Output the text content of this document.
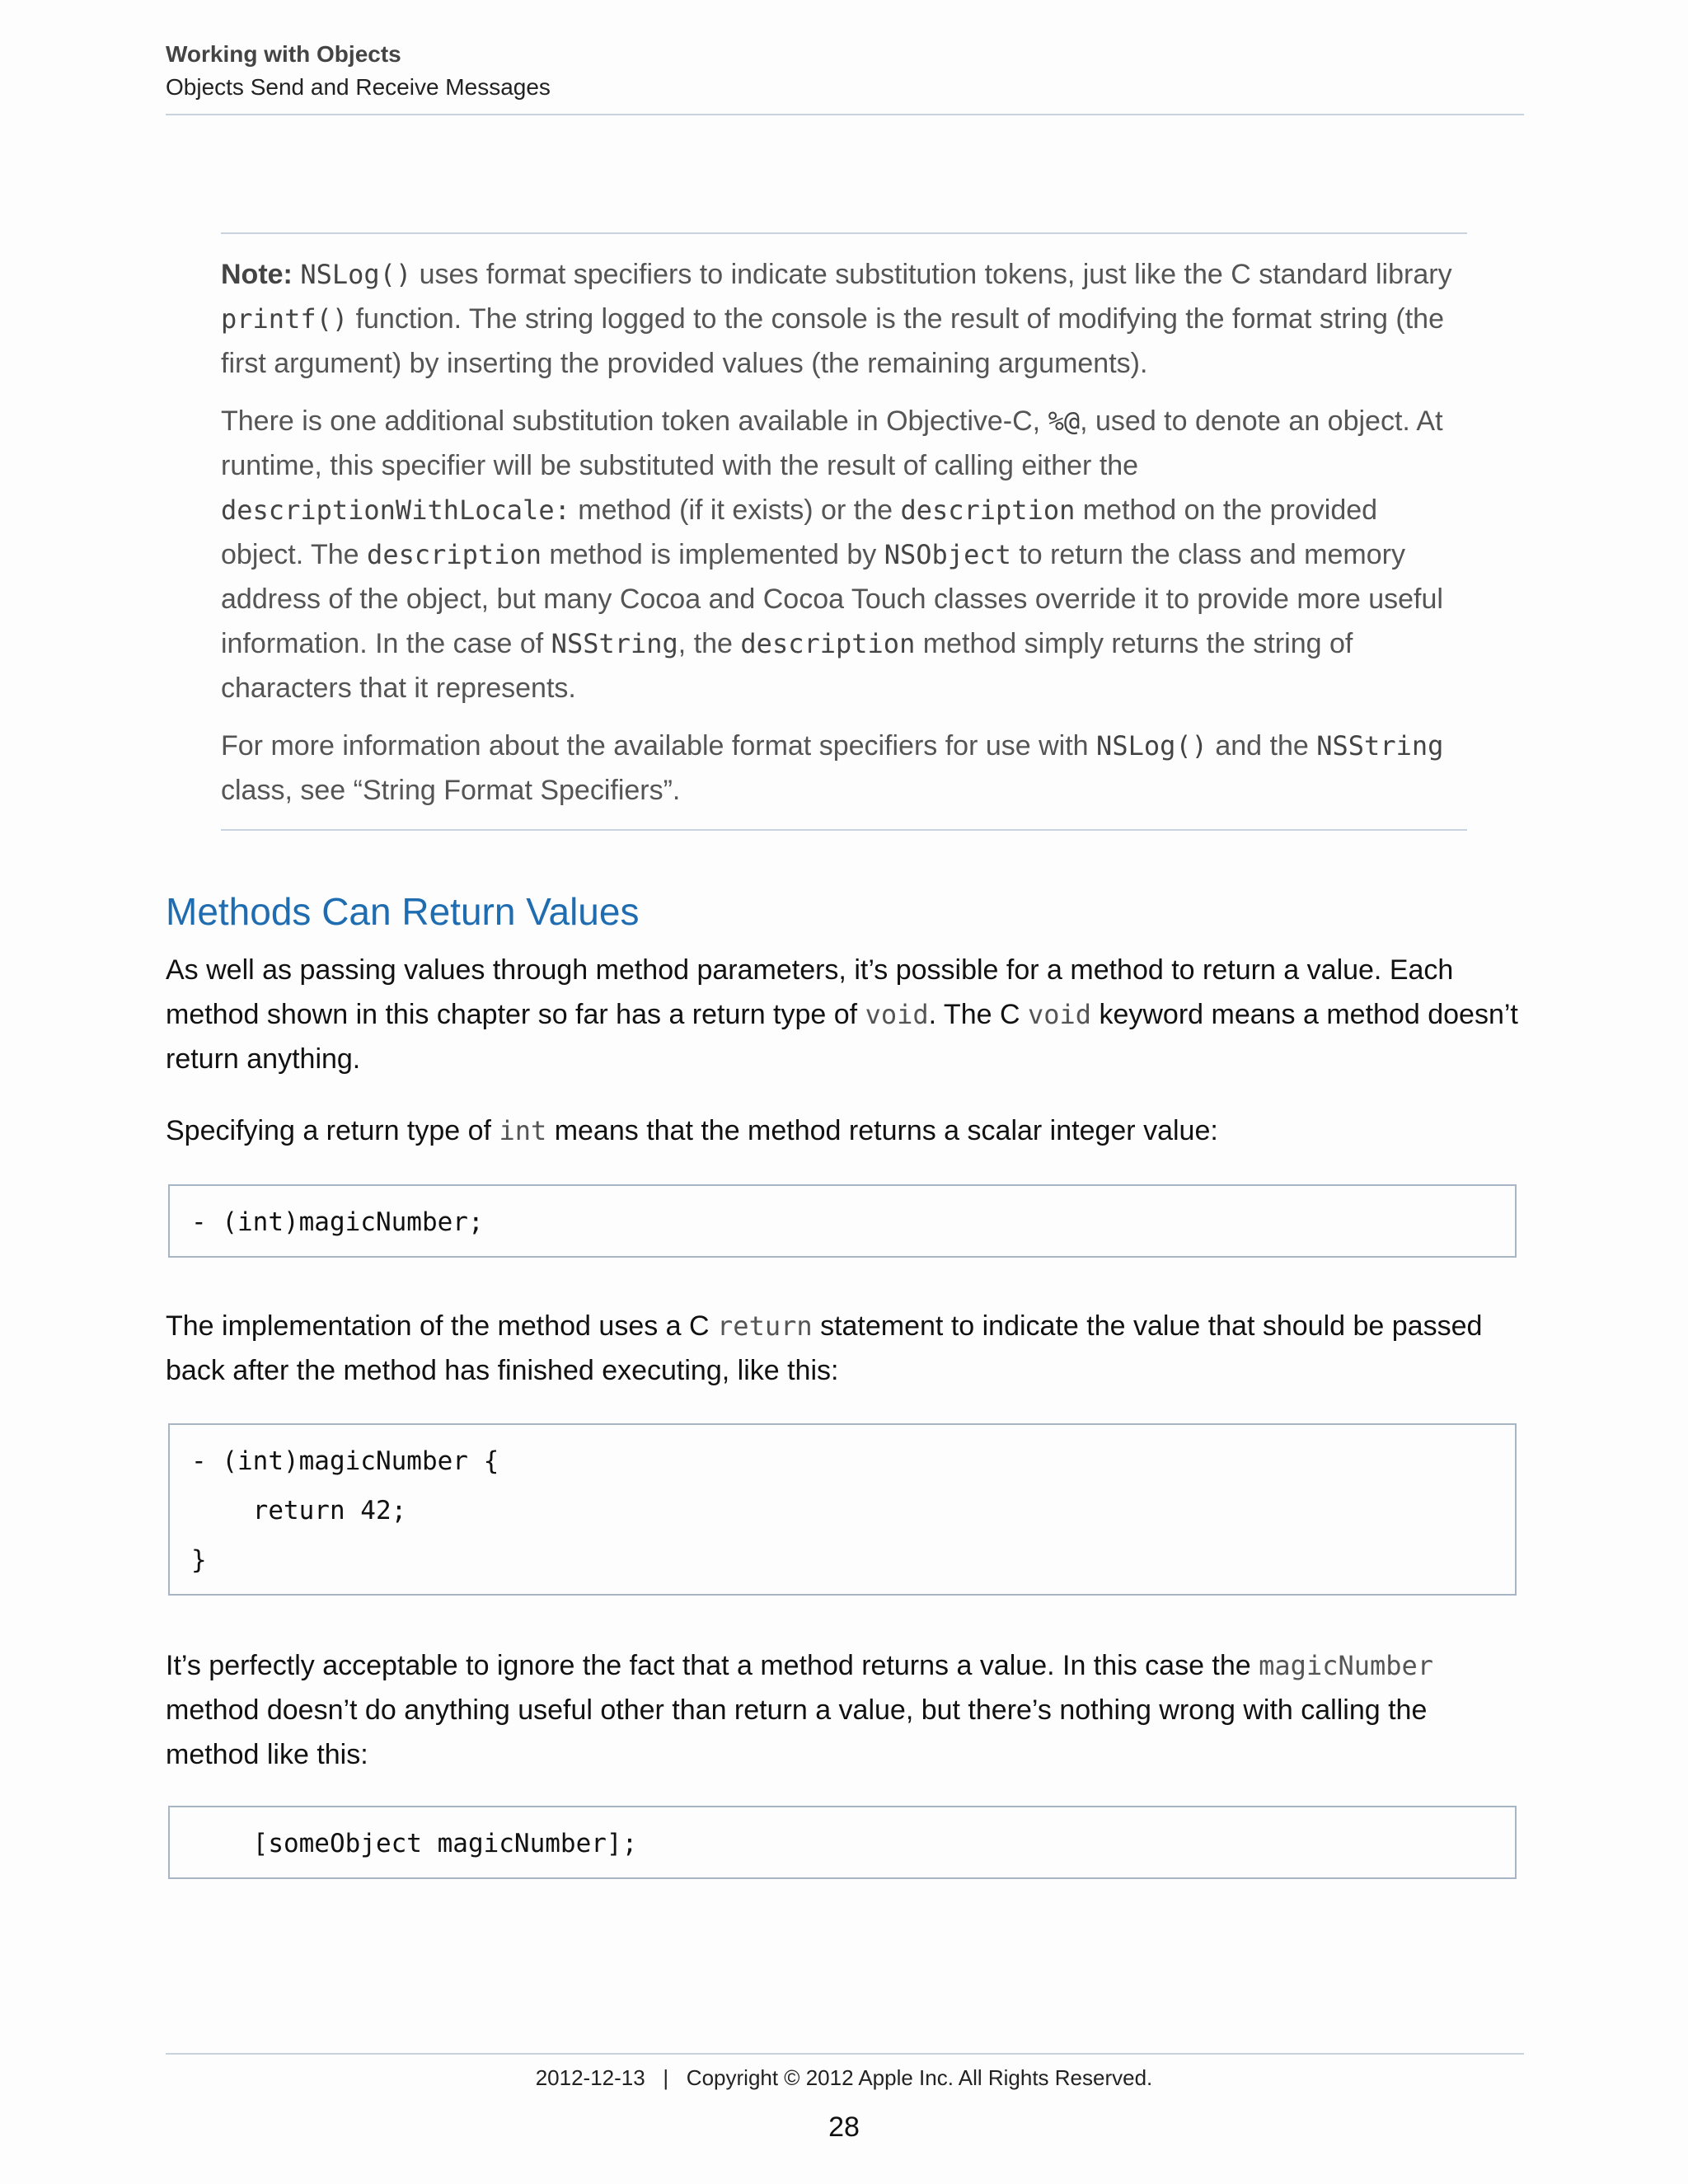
Working with Objects
Objects Send and Receive Messages

Note: NSLog() uses format specifiers to indicate substitution tokens, just like the C standard library printf() function. The string logged to the console is the result of modifying the format string (the first argument) by inserting the provided values (the remaining arguments).

There is one additional substitution token available in Objective-C, %@, used to denote an object. At runtime, this specifier will be substituted with the result of calling either the descriptionWithLocale: method (if it exists) or the description method on the provided object. The description method is implemented by NSObject to return the class and memory address of the object, but many Cocoa and Cocoa Touch classes override it to provide more useful information. In the case of NSString, the description method simply returns the string of characters that it represents.

For more information about the available format specifiers for use with NSLog() and the NSString class, see “String Format Specifiers”.

Methods Can Return Values

As well as passing values through method parameters, it’s possible for a method to return a value. Each method shown in this chapter so far has a return type of void. The C void keyword means a method doesn’t return anything.

Specifying a return type of int means that the method returns a scalar integer value:

- (int)magicNumber;

The implementation of the method uses a C return statement to indicate the value that should be passed back after the method has finished executing, like this:

- (int)magicNumber {
return 42;
}

It’s perfectly acceptable to ignore the fact that a method returns a value. In this case the magicNumber method doesn’t do anything useful other than return a value, but there’s nothing wrong with calling the method like this:

[someObject magicNumber];
2012-12-13   |   Copyright © 2012 Apple Inc. All Rights Reserved.
28
